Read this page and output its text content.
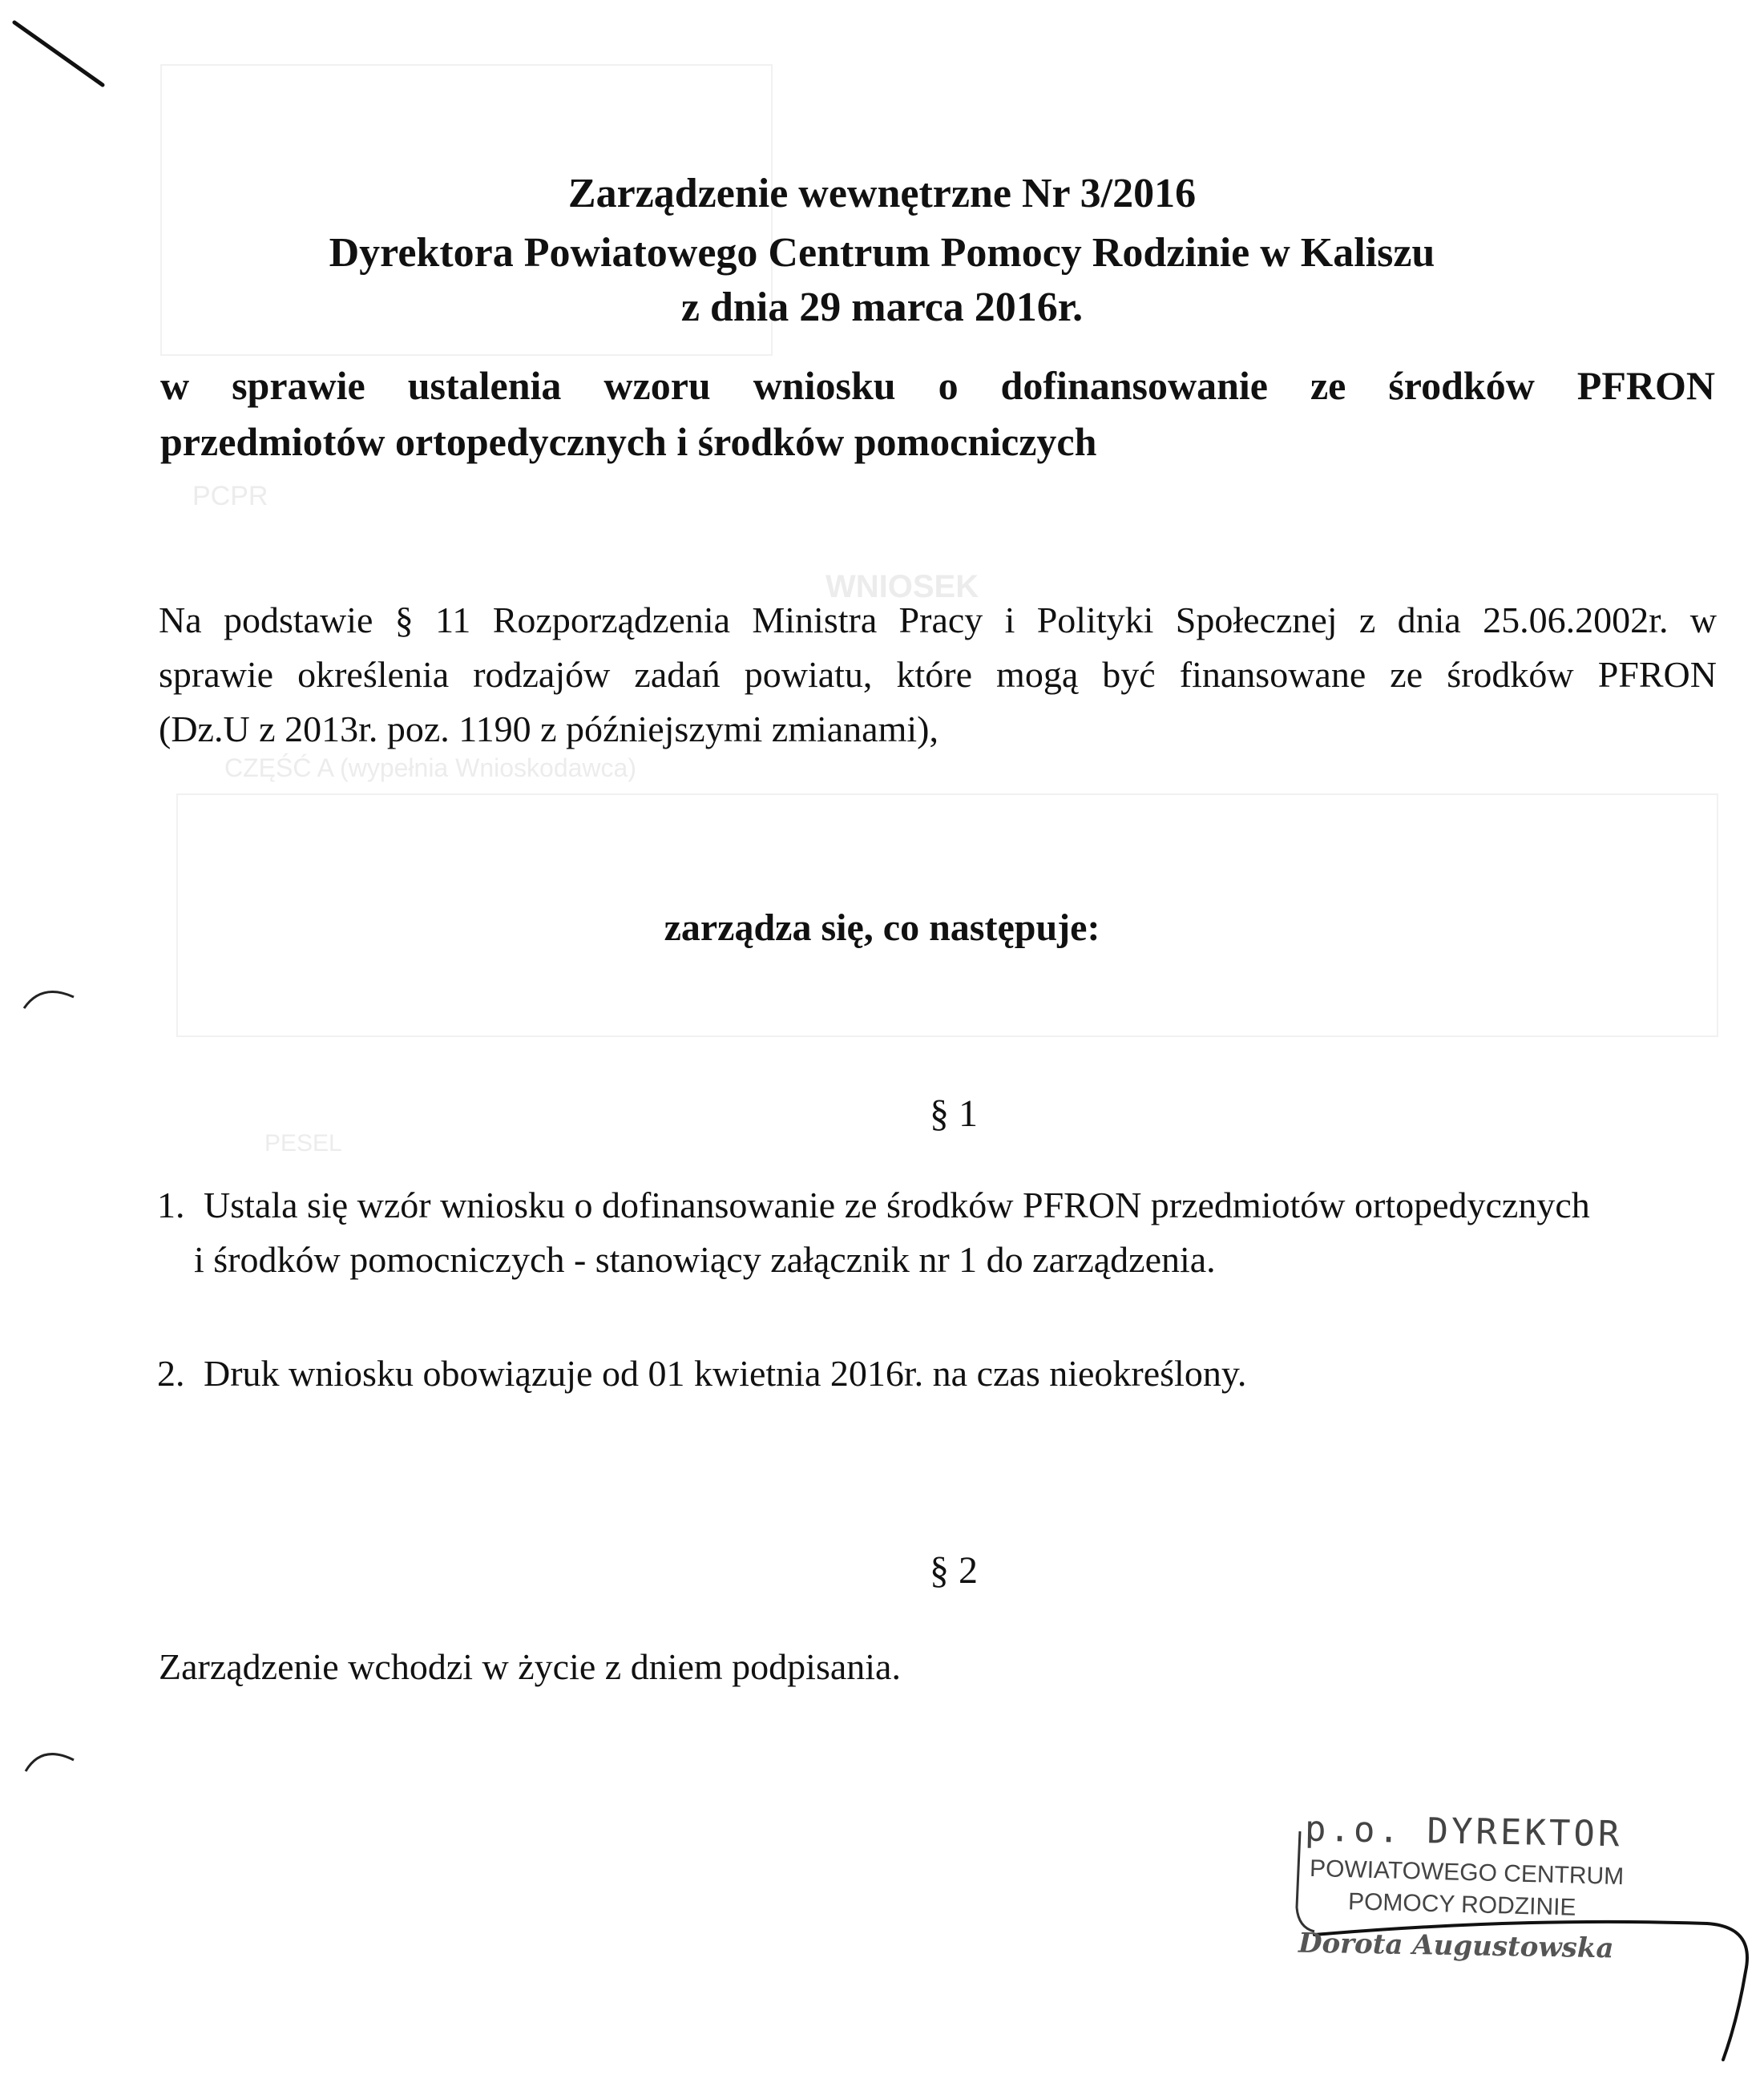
PCPR
WNIOSEK
CZĘŚĆ A (wypełnia Wnioskodawca)
PESEL
Zarządzenie wewnętrzne Nr 3/2016
Dyrektora Powiatowego Centrum Pomocy Rodzinie w Kaliszu
z dnia 29 marca 2016r.
w sprawie ustalenia wzoru wniosku o dofinansowanie ze środków PFRON
przedmiotów ortopedycznych i środków pomocniczych
Na podstawie § 11 Rozporządzenia Ministra Pracy i Polityki Społecznej z dnia 25.06.2002r. w
sprawie określenia rodzajów zadań powiatu, które mogą być finansowane ze środków PFRON
(Dz.U z 2013r. poz. 1190 z późniejszymi zmianami),
zarządza się, co następuje:
§ 1
1. Ustala się wzór wniosku o dofinansowanie ze środków PFRON przedmiotów ortopedycznych
i środków pomocniczych - stanowiący załącznik nr 1 do zarządzenia.
2. Druk wniosku obowiązuje od 01 kwietnia 2016r. na czas nieokreślony.
§ 2
Zarządzenie wchodzi w życie z dniem podpisania.
p.o. DYREKTOR
POWIATOWEGO CENTRUM
POMOCY RODZINIE
Dorota Augustowska
